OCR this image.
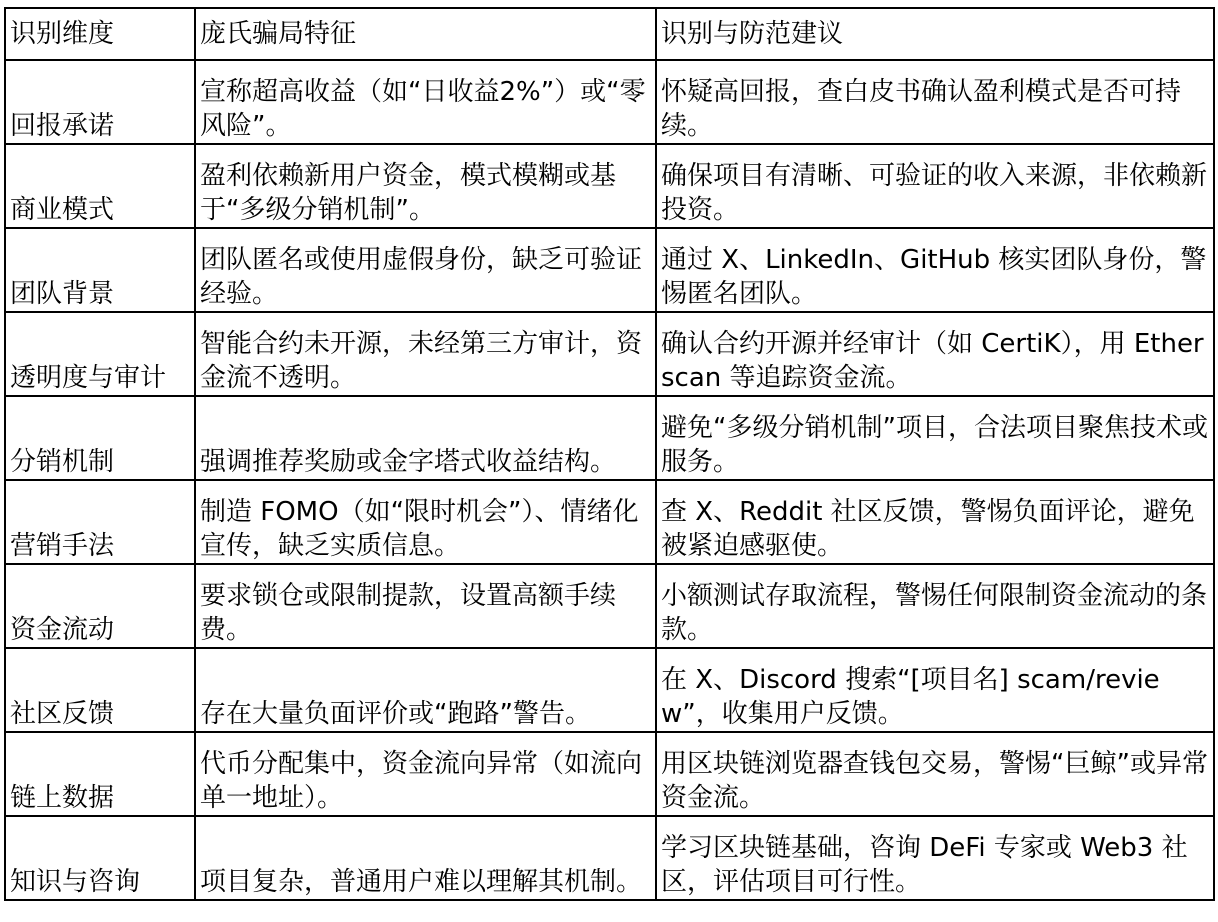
识别维度	庞氏骗局特征	识别与防范建议
回报承诺	宣称超高收益（如“日收益2%”）或“零风险”。	怀疑高回报，查白皮书确认盈利模式是否可持续。
商业模式	盈利依赖新用户资金，模式模糊或基于“多级分销机制”。	确保项目有清晰、可验证的收入来源，非依赖新投资。
团队背景	团队匿名或使用虚假身份，缺乏可验证经验。	通过 X、LinkedIn、GitHub 核实团队身份，警惕匿名团队。
透明度与审计	智能合约未开源，未经第三方审计，资金流不透明。	确认合约开源并经审计（如 CertiK），用 Etherscan 等追踪资金流。
分销机制	强调推荐奖励或金字塔式收益结构。	避免“多级分销机制”项目，合法项目聚焦技术或服务。
营销手法	制造 FOMO（如“限时机会”）、情绪化宣传，缺乏实质信息。	查 X、Reddit 社区反馈，警惕负面评论，避免被紧迫感驱使。
资金流动	要求锁仓或限制提款，设置高额手续费。	小额测试存取流程，警惕任何限制资金流动的条款。
社区反馈	存在大量负面评价或“跑路”警告。	在 X、Discord 搜索“[项目名] scam/review”，收集用户反馈。
链上数据	代币分配集中，资金流向异常（如流向单一地址）。	用区块链浏览器查钱包交易，警惕“巨鲸”或异常资金流。
知识与咨询	项目复杂，普通用户难以理解其机制。	学习区块链基础，咨询 DeFi 专家或 Web3 社区，评估项目可行性。
